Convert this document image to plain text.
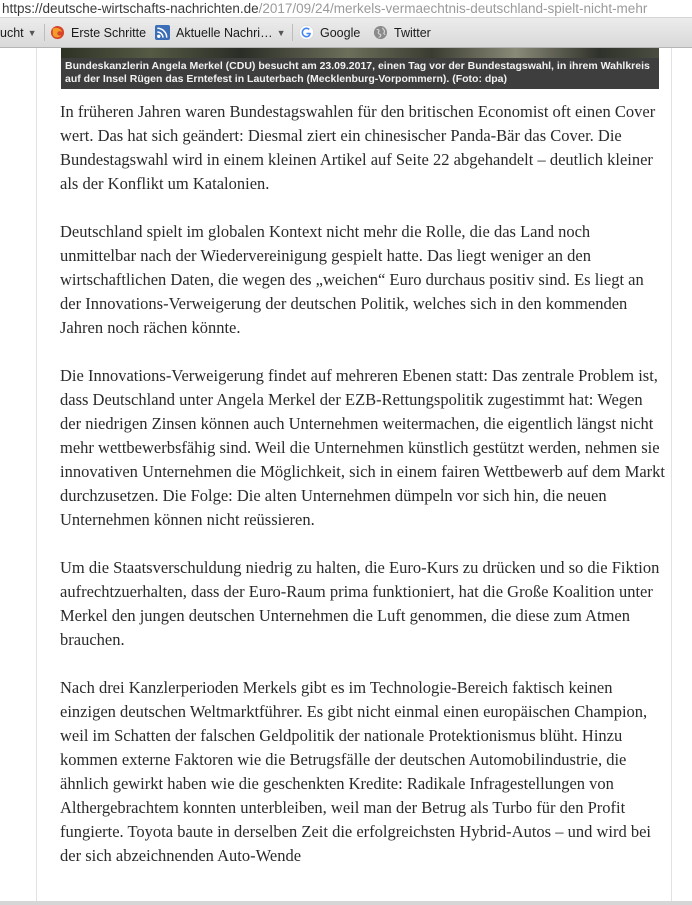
https://deutsche-wirtschafts-nachrichten.de/2017/09/24/merkels-vermaechtnis-deutschland-spielt-nicht-mehr
ucht ▼	Erste Schritte Aktuelle Nachri… ▼	Google	Twitter
Bundeskanzlerin Angela Merkel (CDU) besucht am 23.09.2017, einen Tag vor der Bundestagswahl, in ihrem Wahlkreis auf der Insel Rügen das Erntefest in Lauterbach (Mecklenburg-Vorpommern). (Foto: dpa)

In früheren Jahren waren Bundestagswahlen für den britischen Economist oft einen Cover wert. Das hat sich geändert: Diesmal ziert ein chinesischer Panda-Bär das Cover. Die Bundestagswahl wird in einem kleinen Artikel auf Seite 22 abgehandelt – deutlich kleiner als der Konflikt um Katalonien.

Deutschland spielt im globalen Kontext nicht mehr die Rolle, die das Land noch unmittelbar nach der Wiedervereinigung gespielt hatte. Das liegt weniger an den wirtschaftlichen Daten, die wegen des „weichen“ Euro durchaus positiv sind. Es liegt an der Innovations-Verweigerung der deutschen Politik, welches sich in den kommenden Jahren noch rächen könnte.

Die Innovations-Verweigerung findet auf mehreren Ebenen statt: Das zentrale Problem ist, dass Deutschland unter Angela Merkel der EZB-Rettungspolitik zugestimmt hat: Wegen der niedrigen Zinsen können auch Unternehmen weitermachen, die eigentlich längst nicht mehr wettbewerbsfähig sind. Weil die Unternehmen künstlich gestützt werden, nehmen sie innovativen Unternehmen die Möglichkeit, sich in einem fairen Wettbewerb auf dem Markt durchzusetzen. Die Folge: Die alten Unternehmen dümpeln vor sich hin, die neuen Unternehmen können nicht reüssieren.

Um die Staatsverschuldung niedrig zu halten, die Euro-Kurs zu drücken und so die Fiktion aufrechtzuerhalten, dass der Euro-Raum prima funktioniert, hat die Große Koalition unter Merkel den jungen deutschen Unternehmen die Luft genommen, die diese zum Atmen brauchen.

Nach drei Kanzlerperioden Merkels gibt es im Technologie-Bereich faktisch keinen einzigen deutschen Weltmarktführer. Es gibt nicht einmal einen europäischen Champion, weil im Schatten der falschen Geldpolitik der nationale Protektionismus blüht. Hinzu kommen externe Faktoren wie die Betrugsfälle der deutschen Automobilindustrie, die ähnlich gewirkt haben wie die geschenkten Kredite: Radikale Infragestellungen von Althergebrachtem konnten unterbleiben, weil man der Betrug als Turbo für den Profit fungierte. Toyota baute in derselben Zeit die erfolgreichsten Hybrid-Autos – und wird bei der sich abzeichnenden Auto-Wende
